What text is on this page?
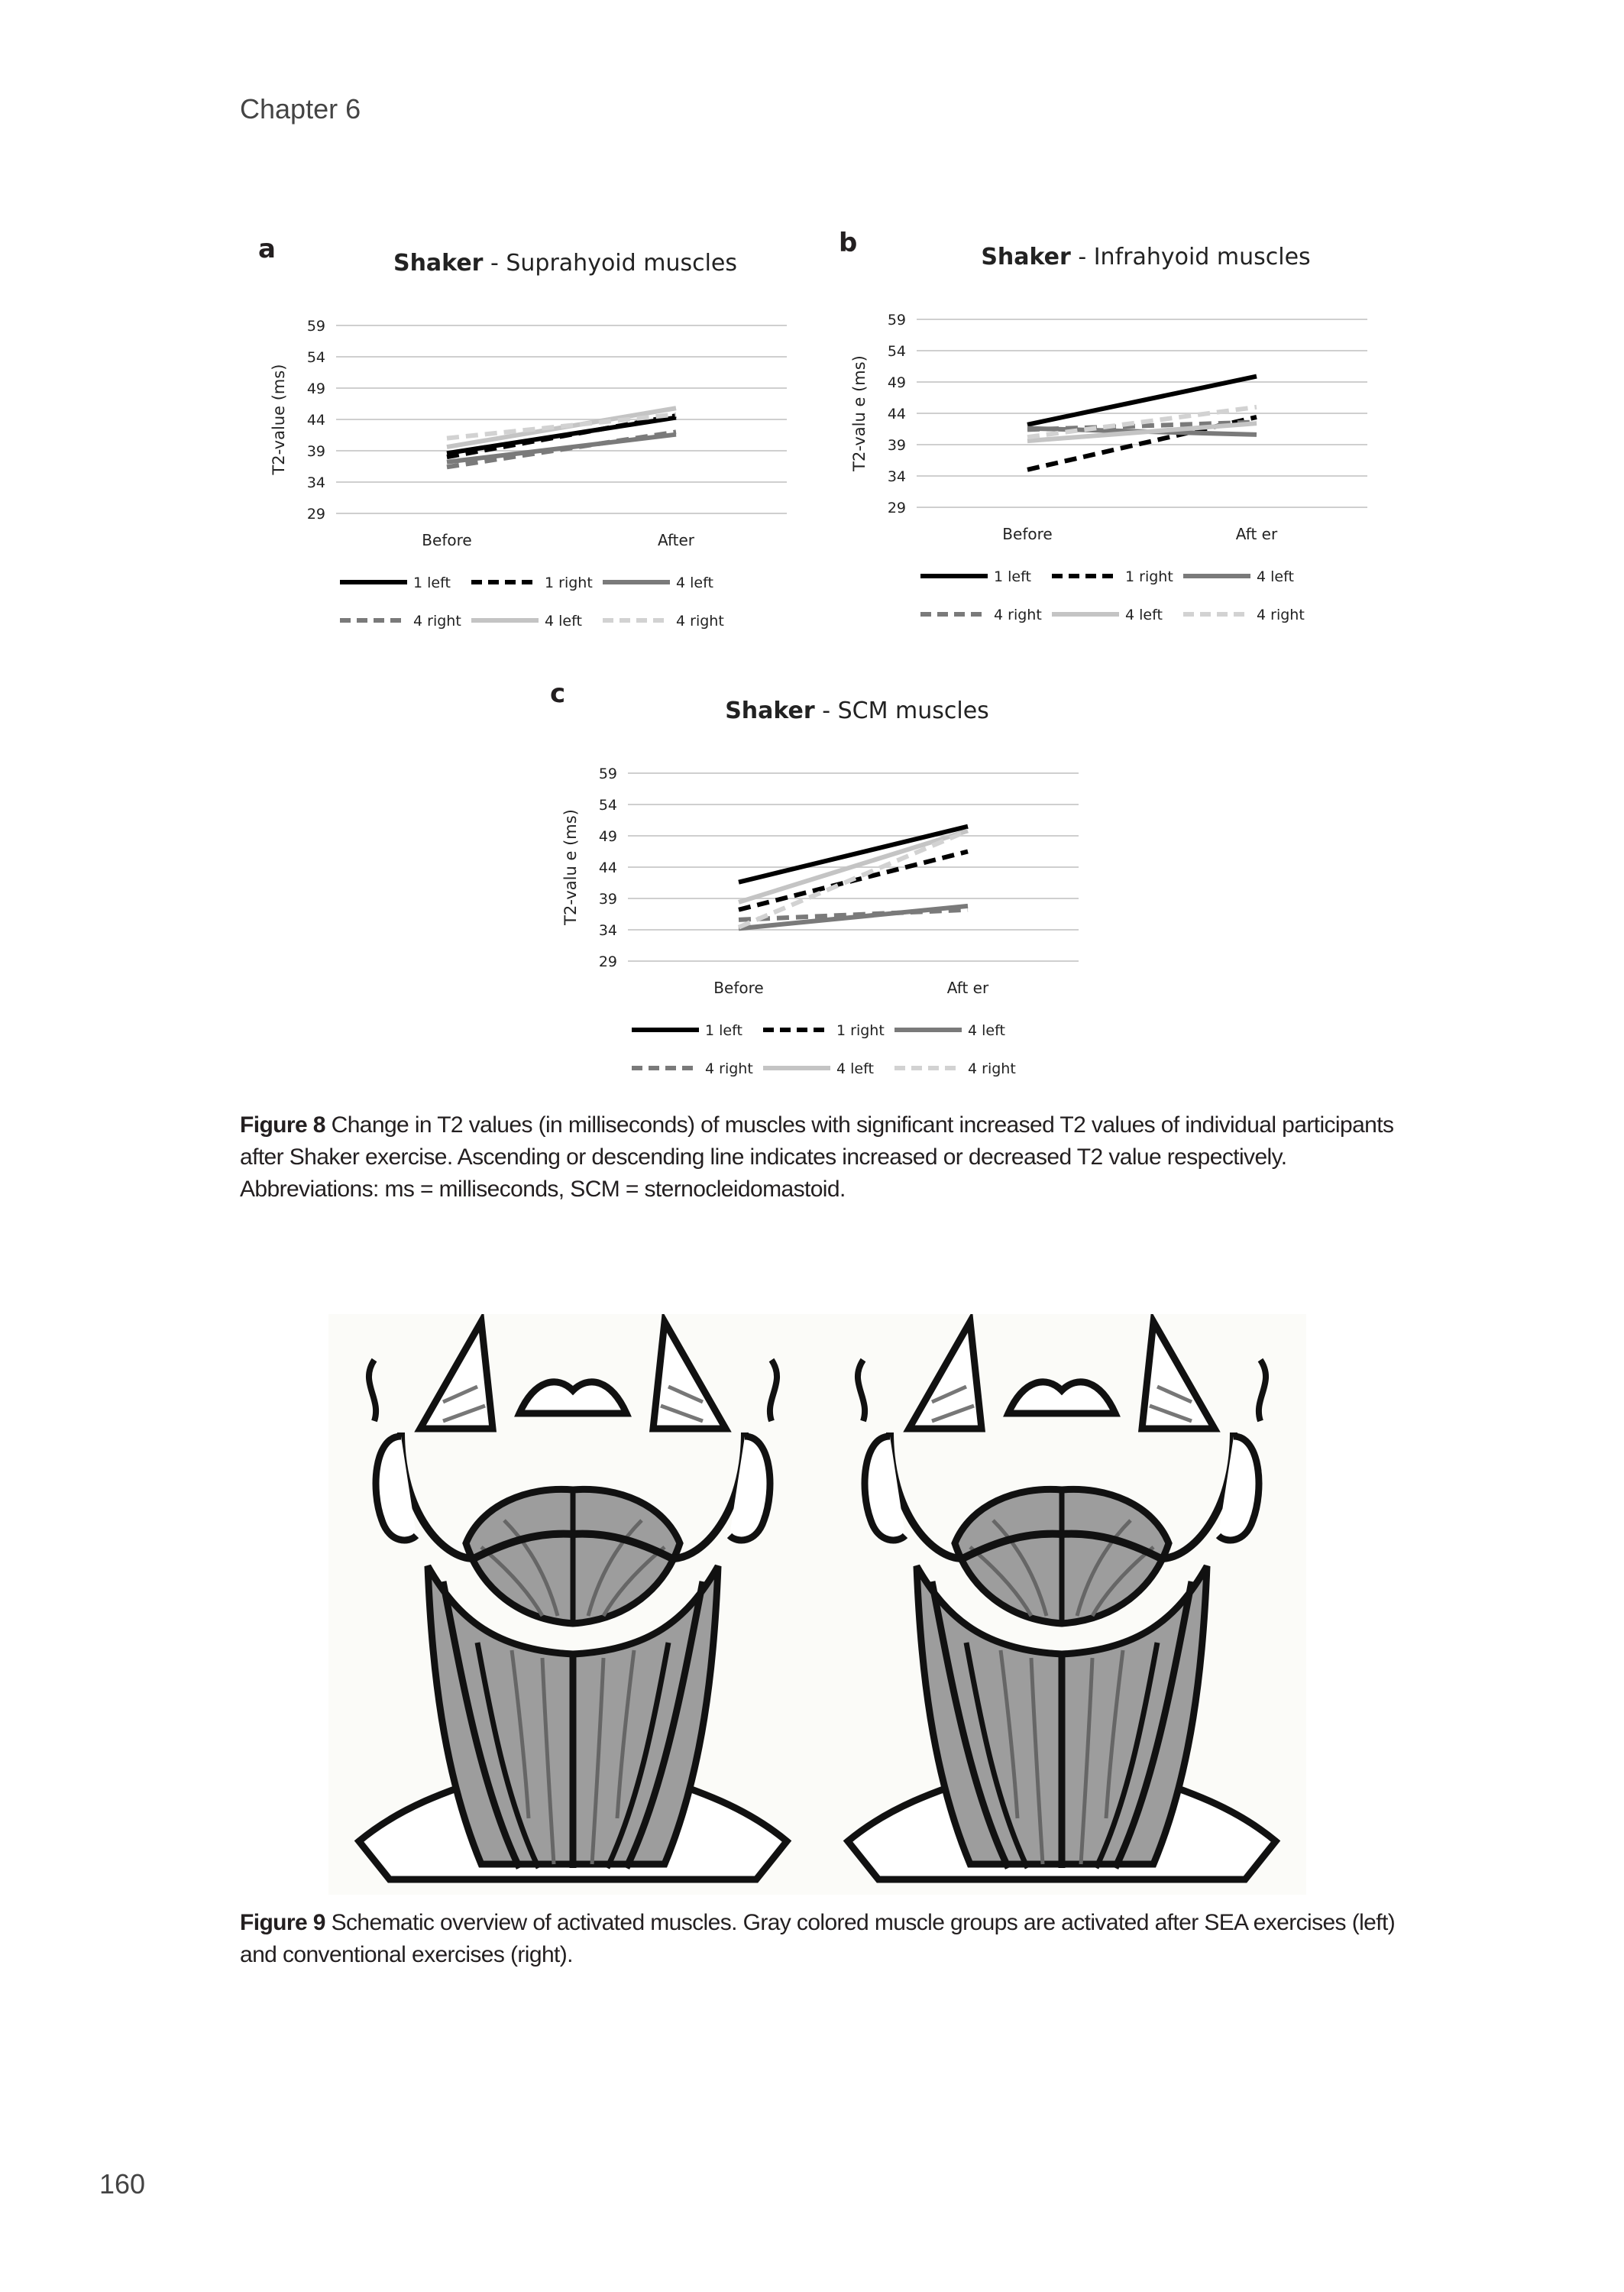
Chapter 6
a	b
c
Shaker - Suprahyoid muscles
29
34
39
44
49
54
59
T2-value (ms)
Before	After
1 left	1 right	4 left
4 right	4 left	4 right
Shaker - Infrahyoid muscles
29
34
39
44
49
54
59
T2-valu e (ms)
Before	Aft er
1 left	1 right	4 left
4 right	4 left	4 right
Shaker - SCM muscles
29
34
39
44
49
54
59
T2-valu e (ms)
Before	Aft er
1 left	1 right	4 left
4 right	4 left	4 right
Figure 8 Change in T2 values (in milliseconds) of muscles with significant increased T2 values of individual participants after Shaker exercise. Ascending or descending line indicates increased or decreased T2 value respectively. Abbreviations: ms = milliseconds, SCM = sternocleidomastoid.
Figure 9 Schematic overview of activated muscles. Gray colored muscle groups are activated after SEA exercises (left) and conventional exercises (right).
160
